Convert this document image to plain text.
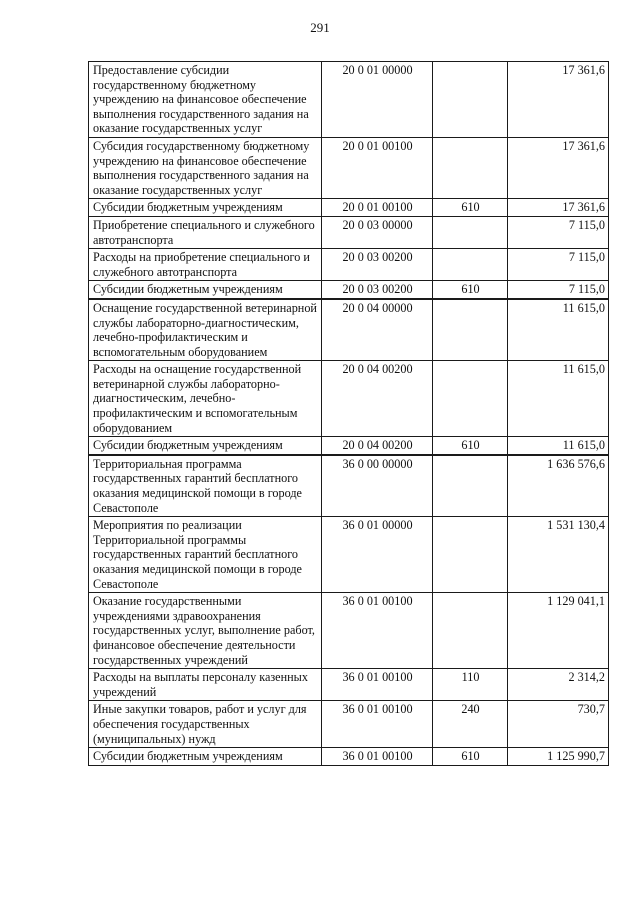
291
Предоставление субсидии государственному бюджетному учреждению на финансовое обеспечение выполнения государственного задания на оказание государственных услуг	20 0 01 00000		17 361,6
Субсидия государственному бюджетному учреждению на финансовое обеспечение выполнения государственного задания на оказание государственных услуг	20 0 01 00100		17 361,6
Субсидии бюджетным учреждениям	20 0 01 00100	610	17 361,6
Приобретение специального и служебного автотранспорта	20 0 03 00000		7 115,0
Расходы на приобретение специального и служебного автотранспорта	20 0 03 00200		7 115,0
Субсидии бюджетным учреждениям	20 0 03 00200	610	7 115,0
Оснащение государственной ветеринарной службы лабораторно-диагностическим, лечебно-профилактическим и вспомогательным оборудованием	20 0 04 00000		11 615,0
Расходы на оснащение государственной ветеринарной службы лабораторно-диагностическим, лечебно-профилактическим и вспомогательным оборудованием	20 0 04 00200		11 615,0
Субсидии бюджетным учреждениям	20 0 04 00200	610	11 615,0
Территориальная программа государственных гарантий бесплатного оказания медицинской помощи в городе Севастополе	36 0 00 00000		1 636 576,6
Мероприятия по реализации Территориальной программы государственных гарантий бесплатного оказания медицинской помощи в городе Севастополе	36 0 01 00000		1 531 130,4
Оказание государственными учреждениями здравоохранения государственных услуг, выполнение работ, финансовое обеспечение деятельности государственных учреждений	36 0 01 00100		1 129 041,1
Расходы на выплаты персоналу казенных учреждений	36 0 01 00100	110	2 314,2
Иные закупки товаров, работ и услуг для обеспечения государственных (муниципальных) нужд	36 0 01 00100	240	730,7
Субсидии бюджетным учреждениям	36 0 01 00100	610	1 125 990,7
